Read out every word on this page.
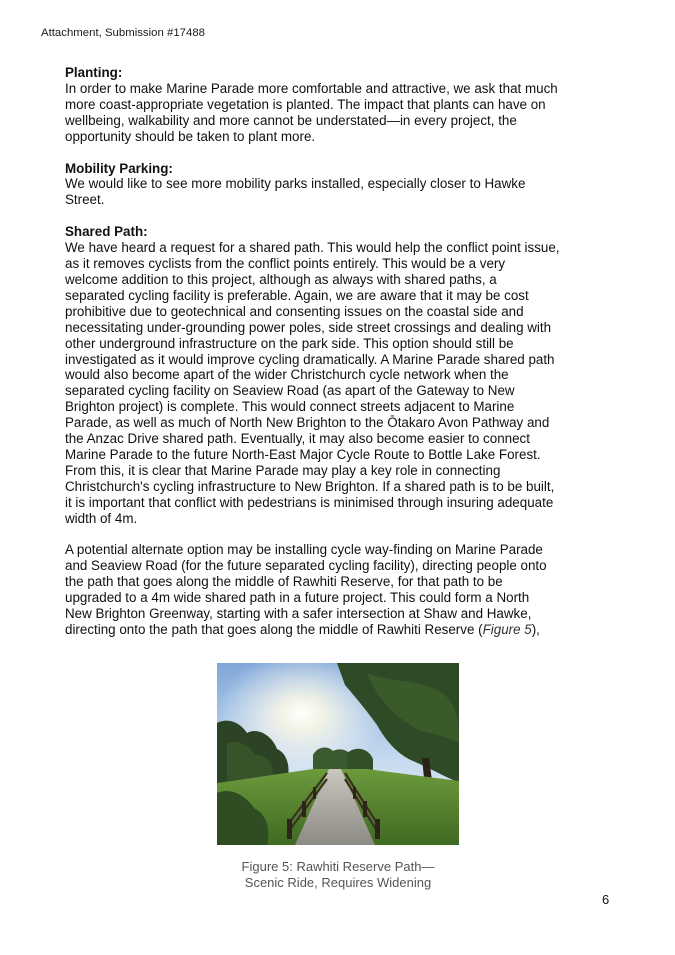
Attachment, Submission #17488
Planting:

In order to make Marine Parade more comfortable and attractive, we ask that much
more coast-appropriate vegetation is planted. The impact that plants can have on
wellbeing, walkability and more cannot be understated—in every project, the
opportunity should be taken to plant more.

Mobility Parking:

We would like to see more mobility parks installed, especially closer to Hawke
Street.

Shared Path:

We have heard a request for a shared path. This would help the conflict point issue,
as it removes cyclists from the conflict points entirely. This would be a very
welcome addition to this project, although as always with shared paths, a
separated cycling facility is preferable. Again, we are aware that it may be cost
prohibitive due to geotechnical and consenting issues on the coastal side and
necessitating under-grounding power poles, side street crossings and dealing with
other underground infrastructure on the park side. This option should still be
investigated as it would improve cycling dramatically. A Marine Parade shared path
would also become apart of the wider Christchurch cycle network when the
separated cycling facility on Seaview Road (as apart of the Gateway to New
Brighton project) is complete. This would connect streets adjacent to Marine
Parade, as well as much of North New Brighton to the Ōtakaro Avon Pathway and
the Anzac Drive shared path. Eventually, it may also become easier to connect
Marine Parade to the future North-East Major Cycle Route to Bottle Lake Forest.
From this, it is clear that Marine Parade may play a key role in connecting
Christchurch's cycling infrastructure to New Brighton. If a shared path is to be built,
it is important that conflict with pedestrians is minimised through insuring adequate
width of 4m.

A potential alternate option may be installing cycle way-finding on Marine Parade
and Seaview Road (for the future separated cycling facility), directing people onto
the path that goes along the middle of Rawhiti Reserve, for that path to be
upgraded to a 4m wide shared path in a future project. This could form a North
New Brighton Greenway, starting with a safer intersection at Shaw and Hawke,
directing onto the path that goes along the middle of Rawhiti Reserve (Figure 5),

Figure 5: Rawhiti Reserve Path—
Scenic Ride, Requires Widening
6
